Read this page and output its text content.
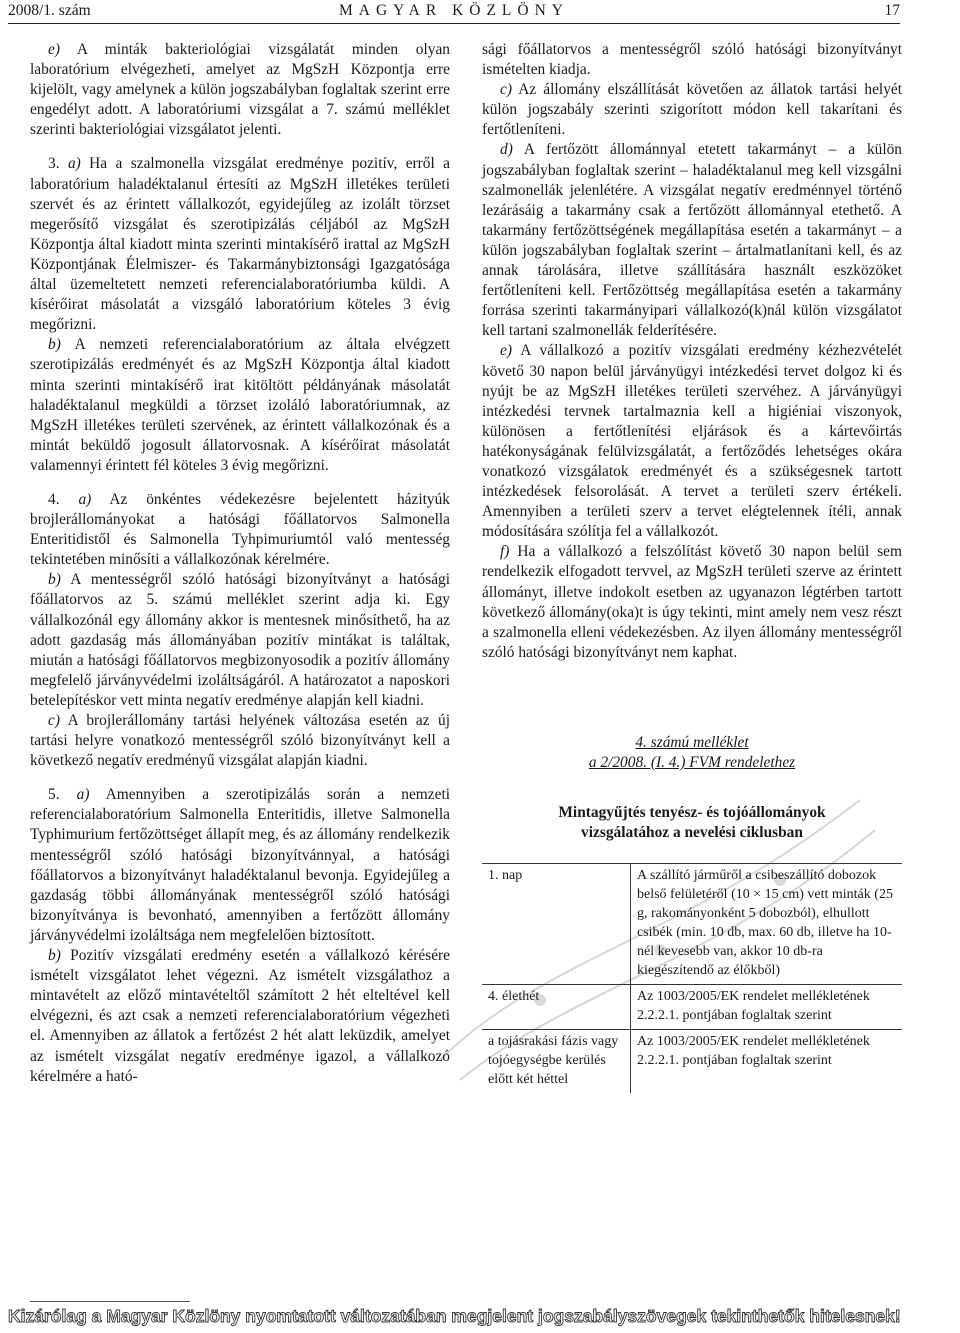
2008/1. szám	MAGYAR KÖZLÖNY	17

e) A minták bakteriológiai vizsgálatát minden olyan laboratórium elvégezheti, amelyet az MgSzH Központja erre kijelölt, vagy amelynek a külön jogszabályban foglaltak szerint erre engedélyt adott. A laboratóriumi vizsgálat a 7. számú melléklet szerinti bakteriológiai vizsgálatot jelenti.

3. a) Ha a szalmonella vizsgálat eredménye pozitív, erről a laboratórium haladéktalanul értesíti az MgSzH illetékes területi szervét és az érintett vállalkozót, egyidejűleg az izolált törzset megerősítő vizsgálat és szerotipizálás céljából az MgSzH Központja által kiadott minta szerinti mintakísérő irattal az MgSzH Központjának Élelmiszer- és Takarmánybiztonsági Igazgatósága által üzemeltetett nemzeti referencialaboratóriumba küldi. A kísérőirat másolatát a vizsgáló laboratórium köteles 3 évig megőrizni.

b) A nemzeti referencialaboratórium az általa elvégzett szerotipizálás eredményét és az MgSzH Központja által kiadott minta szerinti mintakísérő irat kitöltött példányának másolatát haladéktalanul megküldi a törzset izoláló laboratóriumnak, az MgSzH illetékes területi szervének, az érintett vállalkozónak és a mintát beküldő jogosult állatorvosnak. A kísérőirat másolatát valamennyi érintett fél köteles 3 évig megőrizni.

4. a) Az önkéntes védekezésre bejelentett házityúk brojlerállományokat a hatósági főállatorvos Salmonella Enteritidistől és Salmonella Tyhpimuriumtól való mentesség tekintetében minősíti a vállalkozónak kérelmére.

b) A mentességről szóló hatósági bizonyítványt a hatósági főállatorvos az 5. számú melléklet szerint adja ki. Egy vállalkozónál egy állomány akkor is mentesnek minősíthető, ha az adott gazdaság más állományában pozitív mintákat is találtak, miután a hatósági főállatorvos megbizonyosodik a pozitív állomány megfelelő járványvédelmi izoláltságáról. A határozatot a naposkori betelepítéskor vett minta negatív eredménye alapján kell kiadni.

c) A brojlerállomány tartási helyének változása esetén az új tartási helyre vonatkozó mentességről szóló bizonyítványt kell a következő negatív eredményű vizsgálat alapján kiadni.

5. a) Amennyiben a szerotipizálás során a nemzeti referencialaboratórium Salmonella Enteritidis, illetve Salmonella Typhimurium fertőzöttséget állapít meg, és az állomány rendelkezik mentességről szóló hatósági bizonyítvánnyal, a hatósági főállatorvos a bizonyítványt haladéktalanul bevonja. Egyidejűleg a gazdaság többi állományának mentességről szóló hatósági bizonyítványa is bevonható, amennyiben a fertőzött állomány járványvédelmi izoláltsága nem megfelelően biztosított.

b) Pozitív vizsgálati eredmény esetén a vállalkozó kérésére ismételt vizsgálatot lehet végezni. Az ismételt vizsgálathoz a mintavételt az előző mintavételtől számított 2 hét elteltével kell elvégezni, és azt csak a nemzeti referencialaboratórium végezheti el. Amennyiben az állatok a fertőzést 2 hét alatt leküzdik, amelyet az ismételt vizsgálat negatív eredménye igazol, a vállalkozó kérelmére a ható-

sági főállatorvos a mentességről szóló hatósági bizonyítványt ismételten kiadja.

c) Az állomány elszállítását követően az állatok tartási helyét külön jogszabály szerinti szigorított módon kell takarítani és fertőtleníteni.

d) A fertőzött állománnyal etetett takarmányt – a külön jogszabályban foglaltak szerint – haladéktalanul meg kell vizsgálni szalmonellák jelenlétére. A vizsgálat negatív eredménnyel történő lezárásáig a takarmány csak a fertőzött állománnyal etethető. A takarmány fertőzöttségének megállapítása esetén a takarmányt – a külön jogszabályban foglaltak szerint – ártalmatlanítani kell, és az annak tárolására, illetve szállítására használt eszközöket fertőtleníteni kell. Fertőzöttség megállapítása esetén a takarmány forrása szerinti takarmányipari vállalkozó(k)nál külön vizsgálatot kell tartani szalmonellák felderítésére.

e) A vállalkozó a pozitív vizsgálati eredmény kézhezvételét követő 30 napon belül járványügyi intézkedési tervet dolgoz ki és nyújt be az MgSzH illetékes területi szervéhez. A járványügyi intézkedési tervnek tartalmaznia kell a higiéniai viszonyok, különösen a fertőtlenítési eljárások és a kártevőirtás hatékonyságának felülvizsgálatát, a fertőződés lehetséges okára vonatkozó vizsgálatok eredményét és a szükségesnek tartott intézkedések felsorolását. A tervet a területi szerv értékeli. Amennyiben a területi szerv a tervet elégtelennek ítéli, annak módosítására szólítja fel a vállalkozót.

f) Ha a vállalkozó a felszólítást követő 30 napon belül sem rendelkezik elfogadott tervvel, az MgSzH területi szerve az érintett állományt, illetve indokolt esetben az ugyanazon légtérben tartott következő állomány(oka)t is úgy tekinti, mint amely nem vesz részt a szalmonella elleni védekezésben. Az ilyen állomány mentességről szóló hatósági bizonyítványt nem kaphat.

4. számú melléklet
a 2/2008. (I. 4.) FVM rendelethez
Mintagyűjtés tenyész- és tojóállományok
vizsgálatához a nevelési ciklusban
1. nap	A szállító járműről a csibeszállító dobozok belső felületéről (10 × 15 cm) vett minták (25 g, rakományonként 5 dobozból), elhullott csibék (min. 10 db, max. 60 db, illetve ha 10-nél kevesebb van, akkor 10 db-ra kiegészítendő az élőkből)
4. élethét	Az 1003/2005/EK rendelet mellékletének 2.2.2.1. pontjában foglaltak szerint
a tojásrakási fázis vagy tojóegységbe kerülés előtt két héttel	Az 1003/2005/EK rendelet mellékletének 2.2.2.1. pontjában foglaltak szerint
Kizárólag a Magyar Közlöny nyomtatott változatában megjelent jogszabályszövegek tekinthetők hitelesnek!
